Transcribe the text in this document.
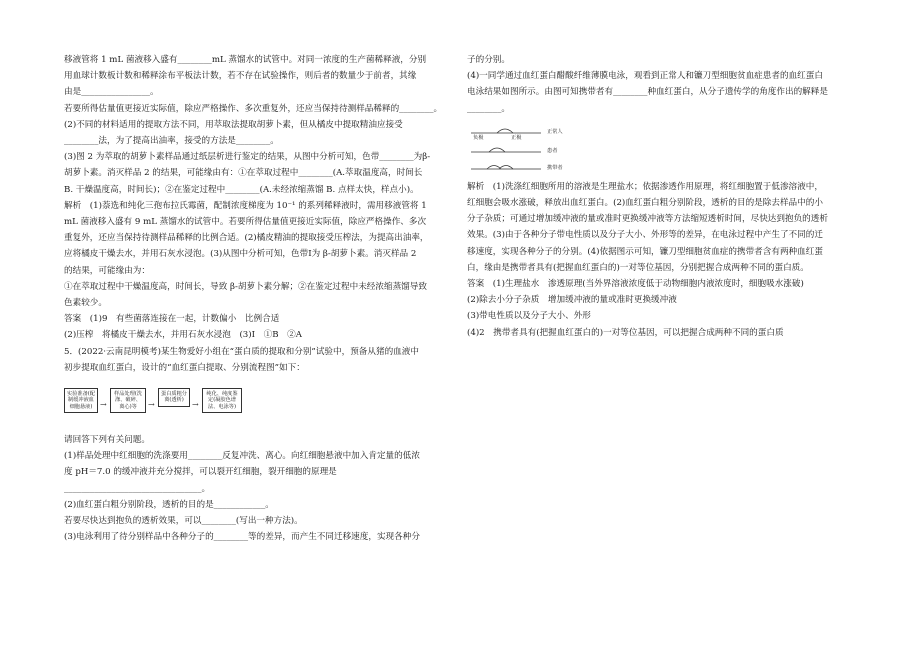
移液管将 1 mL 菌液移入盛有________mL 蒸馏水的试管中。对同一浓度的生产菌稀释液，分别

用血球计数板计数和稀释涂布平板法计数，若不存在试验操作，则后者的数量少于前者，其缘

由是________________。

若要所得估量值更接近实际值，除应严格操作、多次重复外，还应当保持待测样品稀释的________。

(2)不同的材料适用的提取方法不同，用萃取法提取胡萝卜素，但从橘皮中提取精油应接受

________法，为了提高出油率，接受的方法是________。

(3)图 2 为萃取的胡萝卜素样品通过纸层析进行鉴定的结果，从图中分析可知，色带________为β-

胡萝卜素。消灭样品 2 的结果，可能缘由有：①在萃取过程中________(A.萃取温度高，时间长

B. 干燥温度高，时间长)；②在鉴定过程中________(A.未经浓缩蒸馏 B. 点样太快，样点小)。

解析　(1)萘选和纯化三孢布拉氏霉菌，配制浓度梯度为 10⁻¹ 的系列稀释液时，需用移液管将 1

mL 菌液移入盛有 9 mL 蒸馏水的试管中。若要所得估量值更接近实际值，除应严格操作、多次

重复外，还应当保持待测样品稀释的比例合适。(2)橘皮精油的提取接受压榨法，为提高出油率，

应将橘皮干燥去水，并用石灰水浸泡。(3)从图中分析可知，色带Ⅰ为 β-胡萝卜素。消灭样品 2

的结果，可能缘由为：

①在萃取过程中干燥温度高，时间长，导致 β-胡萝卜素分解；②在鉴定过程中未经浓缩蒸馏导致

色素较少。

答案　(1)9　有些菌落连接在一起，计数偏小　比例合适

(2)压榨　将橘皮干燥去水，并用石灰水浸泡　(3)Ⅰ　①B　②A

5．(2022·云南昆明模考)某生物爱好小组在“蛋白质的提取和分别”试验中，预备从猪的血液中

初步提取血红蛋白，设计的“血红蛋白提取、分别流程图”如下：

实验准备(配制缓冲液血细胞悬液) →
样品处理(洗涤、破碎、离心)等	→
蛋白质粗分离(透析)	→
纯化、纯度鉴定(凝胶色谱法、电泳等)

请回答下列有关问题。

(1)样品处理中红细胞的洗涤要用________反复冲洗、离心。向红细胞悬液中加入肯定量的低浓

度 pH＝7.0 的缓冲液并充分搅拌，可以裂开红细胞，裂开细胞的原理是

________________________________。

(2)血红蛋白粗分别阶段，透析的目的是____________。

若要尽快达到抱负的透析效果，可以________(写出一种方法)。

(3)电泳利用了待分别样品中各种分子的________等的差异，而产生不同迁移速度，实现各种分

子的分别。

(4)一同学通过血红蛋白醋酸纤维薄膜电泳，观看到正常人和镰刀型细胞贫血症患者的血红蛋白

电泳结果如图所示。由图可知携带者有________种血红蛋白，从分子遗传学的角度作出的解释是

________。

负极	正极
正常人
患者
携带者

解析　(1)洗涤红细胞所用的溶液是生理盐水；依据渗透作用原理，将红细胞置于低渗溶液中，

红细胞会吸水涨破，释放出血红蛋白。(2)血红蛋白粗分别阶段，透析的目的是除去样品中的小

分子杂质；可通过增加缓冲液的量或准时更换缓冲液等方法缩短透析时间，尽快达到抱负的透析

效果。(3)由于各种分子带电性质以及分子大小、外形等的差异，在电泳过程中产生了不同的迁

移速度，实现各种分子的分别。(4)依据图示可知，镰刀型细胞贫血症的携带者含有两种血红蛋

白，缘由是携带者具有(把握血红蛋白的)一对等位基因，分别把握合成两种不同的蛋白质。

答案　(1)生理盐水　渗透原理(当外界溶液浓度低于动物细胞内液浓度时，细胞吸水涨破)

(2)除去小分子杂质　增加缓冲液的量或准时更换缓冲液

(3)带电性质以及分子大小、外形

(4)2　携带者具有(把握血红蛋白的)一对等位基因，可以把握合成两种不同的蛋白质
